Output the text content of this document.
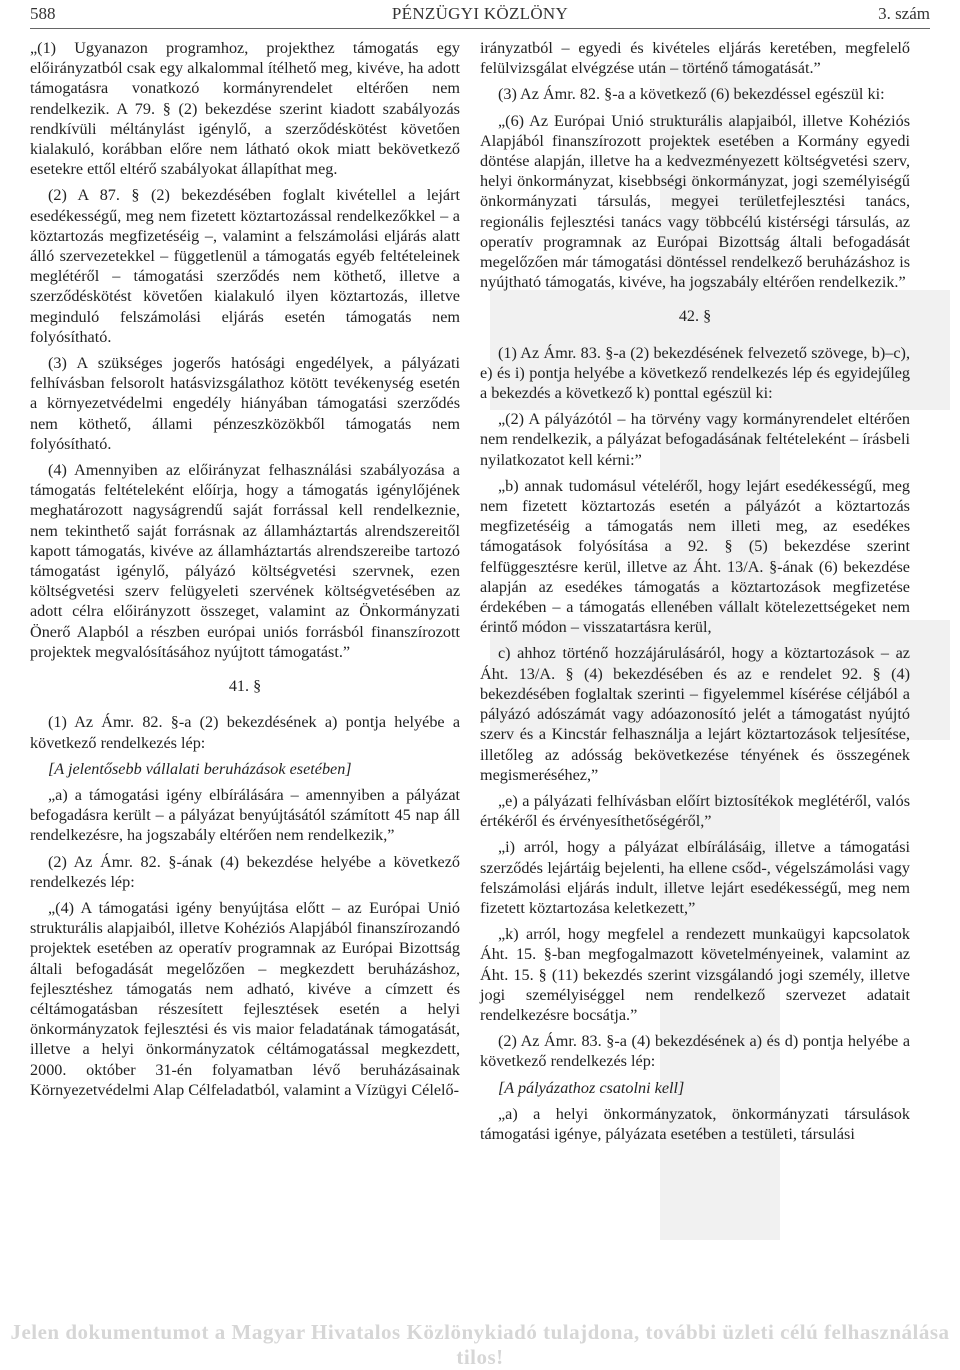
588	PÉNZÜGYI KÖZLÖNY	3. szám

„(1) Ugyanazon programhoz, projekthez támogatás egy előirányzatból csak egy alkalommal ítélhető meg, kivéve, ha adott támogatásra vonatkozó kormányrendelet eltérően nem rendelkezik. A 79. § (2) bekezdése szerint kiadott szabályozás rendkívüli méltánylást igénylő, a szerződéskötést követően kialakuló, korábban előre nem látható okok miatt bekövetkező esetekre ettől eltérő szabályokat állapíthat meg.

(2) A 87. § (2) bekezdésében foglalt kivétellel a lejárt esedékességű, meg nem fizetett köztartozással rendelkezőkkel – a köztartozás megfizetéséig –, valamint a felszámolási eljárás alatt álló szervezetekkel – függetlenül a támogatás egyéb feltételeinek meglétéről – támogatási szerződés nem köthető, illetve a szerződéskötést követően kialakuló ilyen köztartozás, illetve meginduló felszámolási eljárás esetén támogatás nem folyósítható.

(3) A szükséges jogerős hatósági engedélyek, a pályázati felhívásban felsorolt hatásvizsgálathoz kötött tevékenység esetén a környezetvédelmi engedély hiányában támogatási szerződés nem köthető, állami pénzeszközökből támogatás nem folyósítható.

(4) Amennyiben az előirányzat felhasználási szabályozása a támogatás feltételeként előírja, hogy a támogatás igénylőjének meghatározott nagyságrendű saját forrással kell rendelkeznie, nem tekinthető saját forrásnak az államháztartás alrendszereitől kapott támogatás, kivéve az államháztartás alrendszereibe tartozó támogatást igénylő, pályázó költségvetési szervnek, ezen költségvetési szerv felügyeleti szervének költségvetésében az adott célra előirányzott összeget, valamint az Önkormányzati Önerő Alapból a részben európai uniós forrásból finanszírozott projektek megvalósításához nyújtott támogatást.”

41. §

(1) Az Ámr. 82. §-a (2) bekezdésének a) pontja helyébe a következő rendelkezés lép:

[A jelentősebb vállalati beruházások esetében]

„a) a támogatási igény elbírálására – amennyiben a pályázat befogadásra került – a pályázat benyújtásától számított 45 nap áll rendelkezésre, ha jogszabály eltérően nem rendelkezik,”

(2) Az Ámr. 82. §-ának (4) bekezdése helyébe a következő rendelkezés lép:

„(4) A támogatási igény benyújtása előtt – az Európai Unió strukturális alapjaiból, illetve Kohéziós Alapjából finanszírozandó projektek esetében az operatív programnak az Európai Bizottság általi befogadását megelőzően – megkezdett beruházáshoz, fejlesztéshez támogatás nem adható, kivéve a címzett és céltámogatásban részesített fejlesztések esetén a helyi önkormányzatok fejlesztési és vis maior feladatának támogatását, illetve a helyi önkormányzatok céltámogatással megkezdett, 2000. október 31-én folyamatban lévő beruházásainak Környezetvédelmi Alap Célfeladatból, valamint a Vízügyi Célelő-

irányzatból – egyedi és kivételes eljárás keretében, megfelelő felülvizsgálat elvégzése után – történő támogatását.”

(3) Az Ámr. 82. §-a a következő (6) bekezdéssel egészül ki:

„(6) Az Európai Unió strukturális alapjaiból, illetve Kohéziós Alapjából finanszírozott projektek esetében a Kormány egyedi döntése alapján, illetve ha a kedvezményezett költségvetési szerv, helyi önkormányzat, kisebbségi önkormányzat, jogi személyiségű önkormányzati társulás, megyei területfejlesztési tanács, regionális fejlesztési tanács vagy többcélú kistérségi társulás, az operatív programnak az Európai Bizottság általi befogadását megelőzően már támogatási döntéssel rendelkező beruházáshoz is nyújtható támogatás, kivéve, ha jogszabály eltérően rendelkezik.”

42. §

(1) Az Ámr. 83. §-a (2) bekezdésének felvezető szövege, b)–c), e) és i) pontja helyébe a következő rendelkezés lép és egyidejűleg a bekezdés a következő k) ponttal egészül ki:

„(2) A pályázótól – ha törvény vagy kormányrendelet eltérően nem rendelkezik, a pályázat befogadásának feltételeként – írásbeli nyilatkozatot kell kérni:”

„b) annak tudomásul vételéről, hogy lejárt esedékességű, meg nem fizetett köztartozás esetén a pályázót a köztartozás megfizetéséig a támogatás nem illeti meg, az esedékes támogatások folyósítása a 92. § (5) bekezdése szerint felfüggesztésre kerül, illetve az Áht. 13/A. §-ának (6) bekezdése alapján az esedékes támogatás a köztartozások megfizetése érdekében – a támogatás ellenében vállalt kötelezettségeket nem érintő módon – visszatartásra kerül,

c) ahhoz történő hozzájárulásáról, hogy a köztartozások – az Áht. 13/A. § (4) bekezdésében és az e rendelet 92. § (4) bekezdésében foglaltak szerinti – figyelemmel kísérése céljából a pályázó adószámát vagy adóazonosító jelét a támogatást nyújtó szerv és a Kincstár felhasználja a lejárt köztartozások teljesítése, illetőleg az adósság bekövetkezése tényének és összegének megismeréséhez,”

„e) a pályázati felhívásban előírt biztosítékok meglétéről, valós értékéről és érvényesíthetőségéről,”

„i) arról, hogy a pályázat elbírálásáig, illetve a támogatási szerződés lejártáig bejelenti, ha ellene csőd-, végelszámolási vagy felszámolási eljárás indult, illetve lejárt esedékességű, meg nem fizetett köztartozása keletkezett,”

„k) arról, hogy megfelel a rendezett munkaügyi kapcsolatok Áht. 15. §-ban megfogalmazott követelményeinek, valamint az Áht. 15. § (11) bekezdés szerint vizsgálandó jogi személy, illetve jogi személyiséggel nem rendelkező szervezet adatait rendelkezésre bocsátja.”

(2) Az Ámr. 83. §-a (4) bekezdésének a) és d) pontja helyébe a következő rendelkezés lép:

[A pályázathoz csatolni kell]

„a) a helyi önkormányzatok, önkormányzati társulások támogatási igénye, pályázata esetében a testületi, társulási

Jelen dokumentumot a Magyar Hivatalos Közlönykiadó tulajdona, további üzleti célú felhasználása tilos!
